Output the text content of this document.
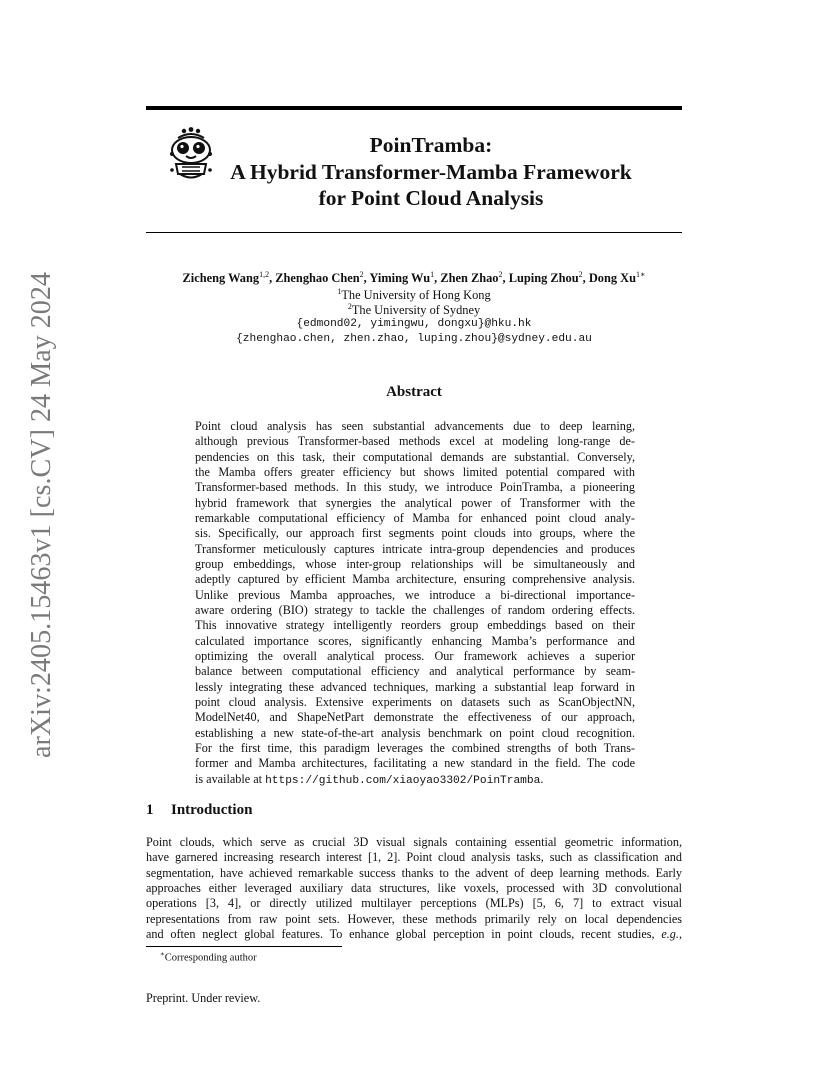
arXiv:2405.15463v1 [cs.CV] 24 May 2024
PoinTramba:
A Hybrid Transformer-Mamba Framework
for Point Cloud Analysis
Zicheng Wang$^{1,2}$, Zhenghao Chen$^2$, Yiming Wu$^1$, Zhen Zhao$^2$, Luping Zhou$^2$, Dong $Xu^{1∗}$
$^1$The University of Hong Kong
$^2$The University of Sydney
{edmond02, yimingwu, dongxu}@hku.hk
{zhenghao.chen, zhen.zhao, luping.zhou}@sydney.edu.au
Abstract
Point cloud analysis has seen substantial advancements due to deep learning,
although previous Transformer-based methods excel at modeling long-range de-
pendencies on this task, their computational demands are substantial. Conversely,
the Mamba offers greater efficiency but shows limited potential compared with
Transformer-based methods. In this study, we introduce PoinTramba, a pioneering
hybrid framework that synergies the analytical power of Transformer with the
remarkable computational efficiency of Mamba for enhanced point cloud analy-
sis. Specifically, our approach first segments point clouds into groups, where the
Transformer meticulously captures intricate intra-group dependencies and produces
group embeddings, whose inter-group relationships will be simultaneously and
adeptly captured by efficient Mamba architecture, ensuring comprehensive analysis.
Unlike previous Mamba approaches, we introduce a bi-directional importance-
aware ordering (BIO) strategy to tackle the challenges of random ordering effects.
This innovative strategy intelligently reorders group embeddings based on their
calculated importance scores, significantly enhancing Mamba’s performance and
optimizing the overall analytical process. Our framework achieves a superior
balance between computational efficiency and analytical performance by seam-
lessly integrating these advanced techniques, marking a substantial leap forward in
point cloud analysis. Extensive experiments on datasets such as ScanObjectNN,
ModelNet40, and ShapeNetPart demonstrate the effectiveness of our approach,
establishing a new state-of-the-art analysis benchmark on point cloud recognition.
For the first time, this paradigm leverages the combined strengths of both Trans-
former and Mamba architectures, facilitating a new standard in the field. The code
is available at https://github.com/xiaoyao3302/PoinTramba.
1 Introduction
Point clouds, which serve as crucial 3D visual signals containing essential geometric information,
have garnered increasing research interest [1, 2]. Point cloud analysis tasks, such as classification and
segmentation, have achieved remarkable success thanks to the advent of deep learning methods. Early
approaches either leveraged auxiliary data structures, like voxels, processed with 3D convolutional
operations [3, 4], or directly utilized multilayer perceptions (MLPs) [5, 6, 7] to extract visual
representations from raw point sets. However, these methods primarily rely on local dependencies
and often neglect global features. To enhance global perception in point clouds, recent studies, e.g.,
∗Corresponding author
Preprint. Under review.
